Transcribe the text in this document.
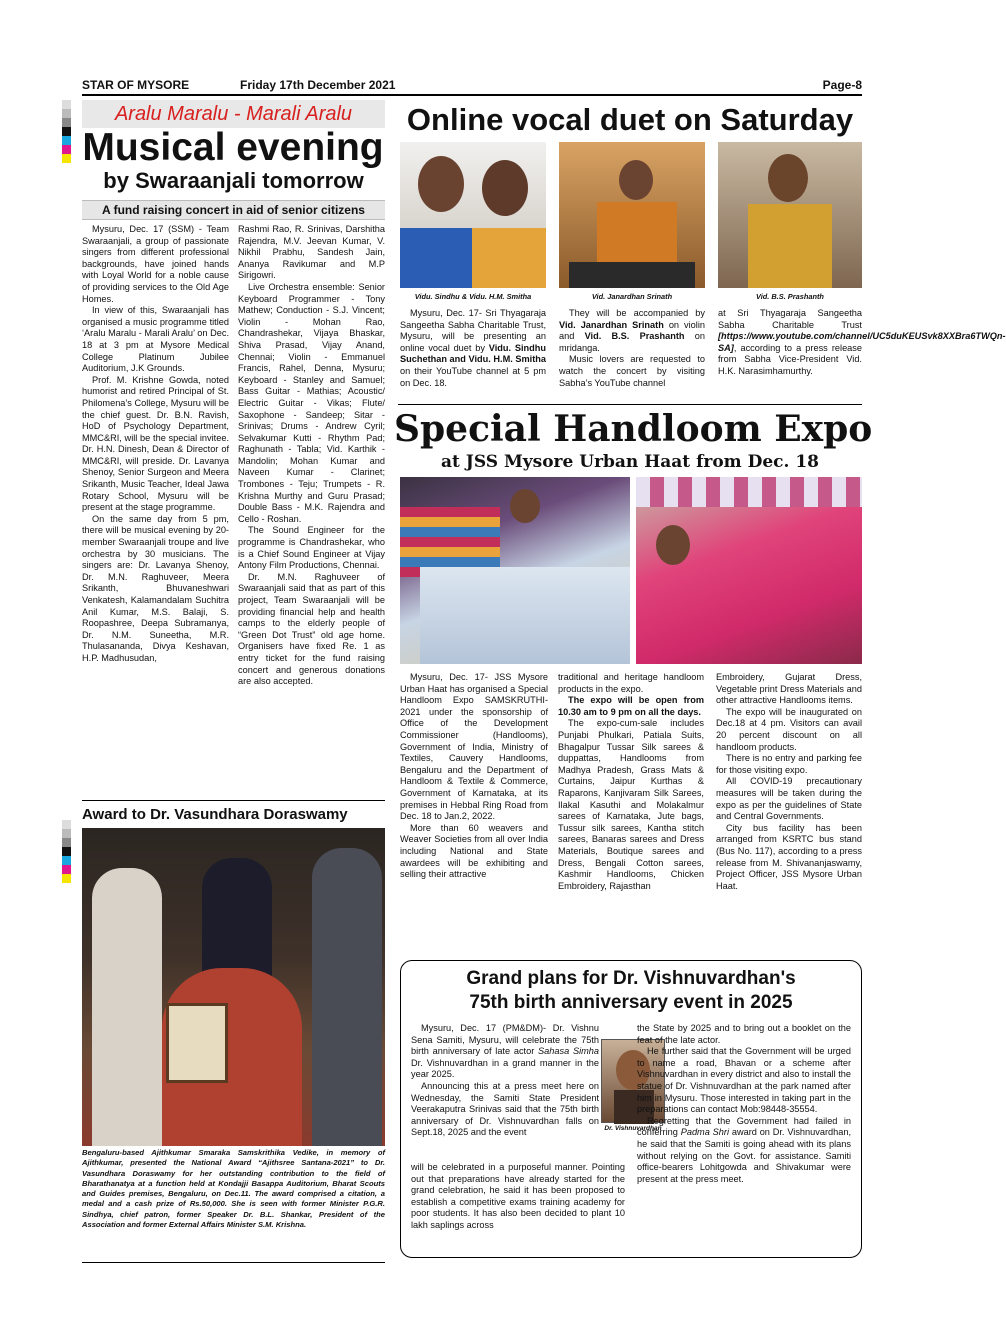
STAR OF MYSORE	Friday 17th December 2021	Page-8
Aralu Maralu - Marali Aralu
Musical evening
by Swaraanjali tomorrow
A fund raising concert in aid of senior citizens

Mysuru, Dec. 17 (SSM) - Team Swaraanjali, a group of passionate singers from different professional backgrounds, have joined hands with Loyal World for a noble cause of providing services to the Old Age Homes.

In view of this, Swaraanjali has organised a music programme titled ‘Aralu Maralu - Marali Aralu’ on Dec. 18 at 3 pm at Mysore Medical College Platinum Jubilee Auditorium, J.K Grounds.

Prof. M. Krishne Gowda, noted humorist and retired Principal of St. Philomena’s College, Mysuru will be the chief guest. Dr. B.N. Ravish, HoD of Psychology Department, MMC&RI, will be the special invitee. Dr. H.N. Dinesh, Dean & Director of MMC&RI, will preside. Dr. Lavanya Shenoy, Senior Surgeon and Meera Srikanth, Music Teacher, Ideal Jawa Rotary School, Mysuru will be present at the stage programme.

On the same day from 5 pm, there will be musical evening by 20-member Swaraanjali troupe and live orchestra by 30 musicians. The singers are: Dr. Lavanya Shenoy, Dr. M.N. Raghuveer, Meera Srikanth, Bhuvaneshwari Venkatesh, Kalamandalam Suchitra Anil Kumar, M.S. Balaji, S. Roopashree, Deepa Subramanya, Dr. N.M. Suneetha, M.R. Thulasananda, Divya Keshavan, H.P. Madhusudan,

Rashmi Rao, R. Srinivas, Darshitha Rajendra, M.V. Jeevan Kumar, V. Nikhil Prabhu, Sandesh Jain, Ananya Ravikumar and M.P Sirigowri.

Live Orchestra ensemble: Senior Keyboard Programmer - Tony Mathew; Conduction - S.J. Vincent; Violin - Mohan Rao, Chandrashekar, Vijaya Bhaskar, Shiva Prasad, Vijay Anand, Chennai; Violin - Emmanuel Francis, Rahel, Denna, Mysuru; Keyboard - Stanley and Samuel; Bass Guitar - Mathias; Acoustic/ Electric Guitar - Vikas; Flute/ Saxophone - Sandeep; Sitar - Srinivas; Drums - Andrew Cyril; Selvakumar Kutti - Rhythm Pad; Raghunath - Tabla; Vid. Karthik - Mandolin; Mohan Kumar and Naveen Kumar - Clarinet; Trombones - Teju; Trumpets - R. Krishna Murthy and Guru Prasad; Double Bass - M.K. Rajendra and Cello - Roshan.

The Sound Engineer for the programme is Chandrashekar, who is a Chief Sound Engineer at Vijay Antony Film Productions, Chennai.

Dr. M.N. Raghuveer of Swaraanjali said that as part of this project, Team Swaraanjali will be providing financial help and health camps to the elderly people of “Green Dot Trust” old age home. Organisers have fixed Re. 1 as entry ticket for the fund raising concert and generous donations are also accepted.

Award to Dr. Vasundhara Doraswamy
Bengaluru-based Ajithkumar Smaraka Samskrithika Vedike, in memory of Ajithkumar, presented the National Award “Ajithsree Santana-2021” to Dr. Vasundhara Doraswamy for her outstanding contribution to the field of Bharathanatya at a function held at Kondajji Basappa Auditorium, Bharat Scouts and Guides premises, Bengaluru, on Dec.11. The award comprised a citation, a medal and a cash prize of Rs.50,000. She is seen with former Minister P.G.R. Sindhya, chief patron, former Speaker Dr. B.L. Shankar, President of the Association and former External Affairs Minister S.M. Krishna.
Online vocal duet on Saturday
Vidu. Sindhu & Vidu. H.M. Smitha	Vid. Janardhan Srinath	Vid. B.S. Prashanth

Mysuru, Dec. 17- Sri Thyagaraja Sangeetha Sabha Charitable Trust, Mysuru, will be presenting an online vocal duet by Vidu. Sindhu Suchethan and Vidu. H.M. Smitha on their YouTube channel at 5 pm on Dec. 18.

They will be accompanied by Vid. Janardhan Srinath on violin and Vid. B.S. Prashanth on mridanga.

Music lovers are requested to watch the concert by visiting Sabha’s YouTube channel

at Sri Thyagaraja Sangeetha Sabha Charitable Trust [https://www.youtube.com/channel/UC5duKEUSvk8XXBra6TWQn-SA], according to a press release from Sabha Vice-President Vid. H.K. Narasimhamurthy.

Special Handloom Expo
at JSS Mysore Urban Haat from Dec. 18

Mysuru, Dec. 17- JSS Mysore Urban Haat has organised a Special Handloom Expo SAMSKRUTHI-2021 under the sponsorship of Office of the Development Commissioner (Handlooms), Government of India, Ministry of Textiles, Cauvery Handlooms, Bengaluru and the Department of Handloom & Textile & Commerce, Government of Karnataka, at its premises in Hebbal Ring Road from Dec. 18 to Jan.2, 2022.

More than 60 weavers and Weaver Societies from all over India including National and State awardees will be exhibiting and selling their attractive

traditional and heritage handloom products in the expo.

The expo will be open from 10.30 am to 9 pm on all the days.

The expo-cum-sale includes Punjabi Phulkari, Patiala Suits, Bhagalpur Tussar Silk sarees & duppattas, Handlooms from Madhya Pradesh, Grass Mats & Curtains, Jaipur Kurthas & Raparons, Kanjivaram Silk Sarees, Ilakal Kasuthi and Molakalmur sarees of Karnataka, Jute bags, Tussur silk sarees, Kantha stitch sarees, Banaras sarees and Dress Materials, Boutique sarees and Dress, Bengali Cotton sarees, Kashmir Handlooms, Chicken Embroidery, Rajasthan

Embroidery, Gujarat Dress, Vegetable print Dress Materials and other attractive Handlooms items.

The expo will be inaugurated on Dec.18 at 4 pm. Visitors can avail 20 percent discount on all handloom products.

There is no entry and parking fee for those visiting expo.

All COVID-19 precautionary measures will be taken during the expo as per the guidelines of State and Central Governments.

City bus facility has been arranged from KSRTC bus stand (Bus No. 117), according to a press release from M. Shivananjaswamy, Project Officer, JSS Mysore Urban Haat.

Grand plans for Dr. Vishnuvardhan's
75th birth anniversary event in 2025

Mysuru, Dec. 17 (PM&DM)- Dr. Vishnu Sena Samiti, Mysuru, will celebrate the 75th birth anniversary of late actor Sahasa Simha Dr. Vishnuvardhan in a grand manner in the year 2025.

Announcing this at a press meet here on Wednesday, the Samiti State President Veerakaputra Srinivas said that the 75th birth anniversary of Dr. Vishnuvardhan falls on Sept.18, 2025 and the event	Dr. Vishnuvardhan
will be celebrated in a purposeful manner. Pointing out that preparations have already started for the grand celebration, he said it has been proposed to establish a competitive exams training academy for poor students. It has also been decided to plant 10 lakh saplings across

the State by 2025 and to bring out a booklet on the feat of the late actor.

He further said that the Government will be urged to name a road, Bhavan or a scheme after Vishnuvardhan in every district and also to install the statue of Dr. Vishnuvardhan at the park named after him in Mysuru. Those interested in taking part in the preparations can contact Mob:98448-35554.

Regretting that the Government had failed in conferring Padma Shri award on Dr. Vishnuvardhan, he said that the Samiti is going ahead with its plans without relying on the Govt. for assistance. Samiti office-bearers Lohitgowda and Shivakumar were present at the press meet.
